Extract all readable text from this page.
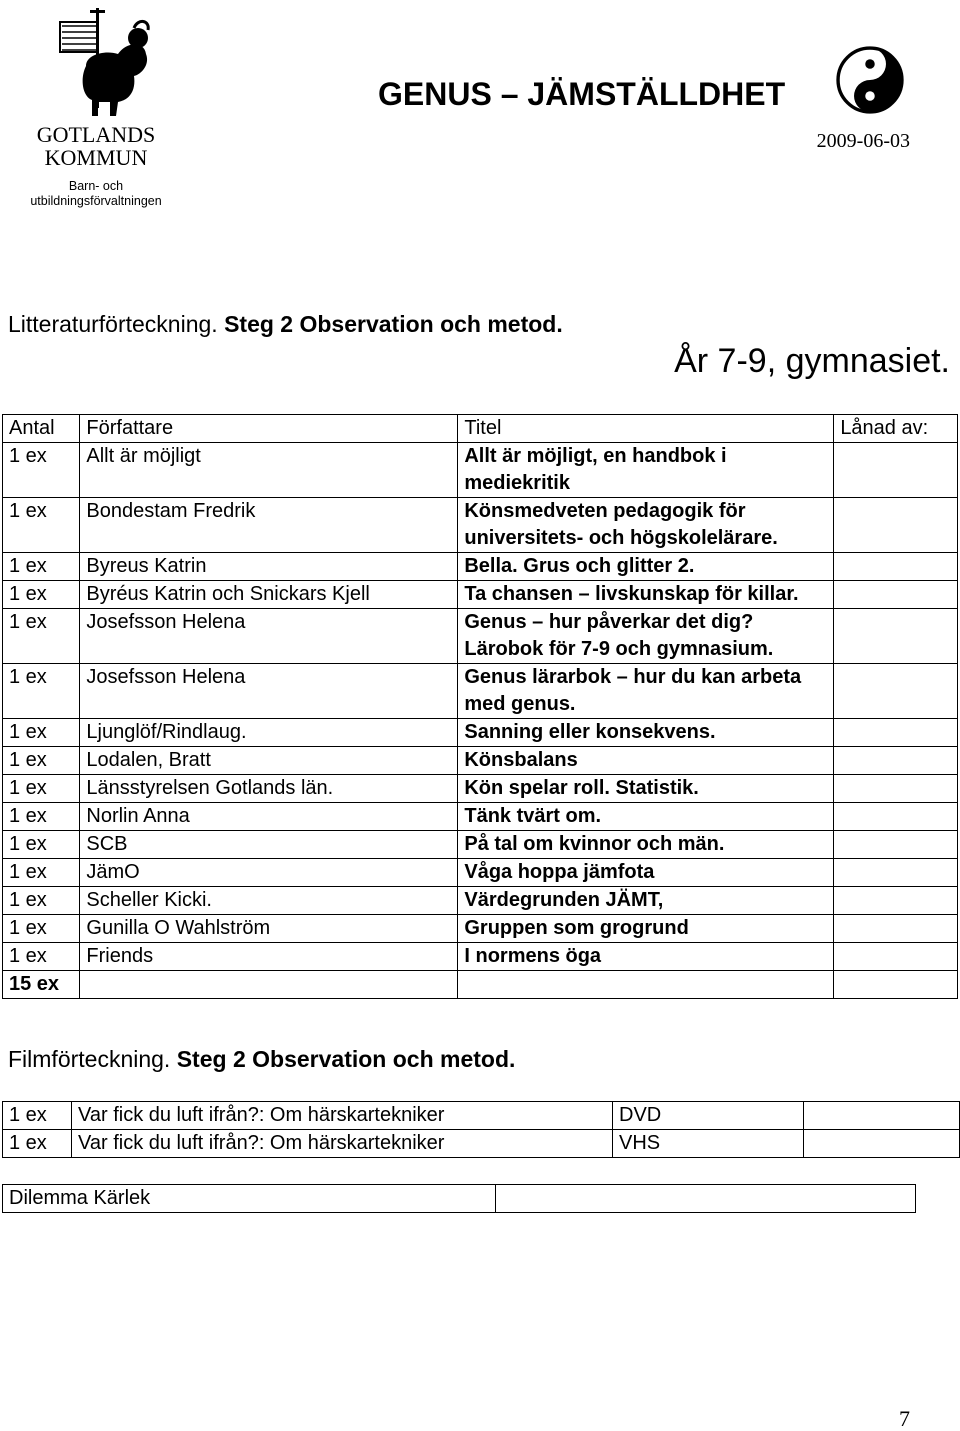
GOTLANDS
KOMMUN
Barn- och
utbildningsförvaltningen
GENUS – JÄMSTÄLLDHET
2009-06-03
Litteraturförteckning. Steg 2 Observation och metod.
År 7-9, gymnasiet.
Antal	Författare	Titel	Lånad av:
1 ex	Allt är möjligt	Allt är möjligt, en handbok i mediekritik	
1 ex	Bondestam Fredrik	Könsmedveten pedagogik för universitets- och högskolelärare.	
1 ex	Byreus Katrin	Bella. Grus och glitter 2.	
1 ex	Byréus Katrin och Snickars Kjell	Ta chansen – livskunskap för killar.	
1 ex	Josefsson Helena	Genus – hur påverkar det dig? Lärobok för 7-9 och gymnasium.	
1 ex	Josefsson Helena	Genus lärarbok – hur du kan arbeta med genus.	
1 ex	Ljunglöf/Rindlaug.	Sanning eller konsekvens.	
1 ex	Lodalen, Bratt	Könsbalans	
1 ex	Länsstyrelsen Gotlands län.	Kön spelar roll. Statistik.	
1 ex	Norlin Anna	Tänk tvärt om.	
1 ex	SCB	På tal om kvinnor och män.	
1 ex	JämO	Våga hoppa jämfota	
1 ex	Scheller Kicki.	Värdegrunden JÄMT,	
1 ex	Gunilla O Wahlström	Gruppen som grogrund	
1 ex	Friends	I normens öga	
15 ex			
Filmförteckning. Steg 2 Observation och metod.
1 ex	Var fick du luft ifrån?: Om härskartekniker	DVD	
1 ex	Var fick du luft ifrån?: Om härskartekniker	VHS	
Dilemma Kärlek	
7
